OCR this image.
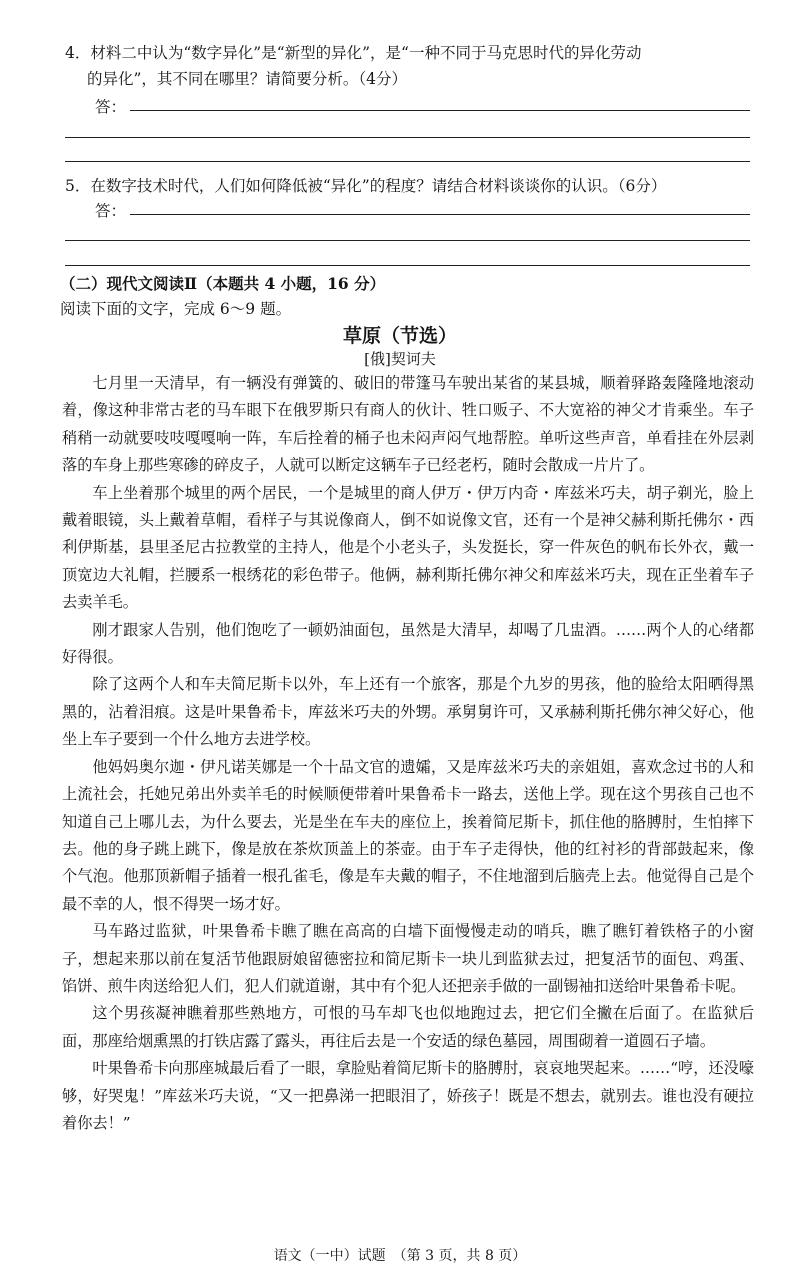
4．材料二中认为“数字异化”是“新型的异化”，是“一种不同于马克思时代的异化劳动
的异化”，其不同在哪里？请简要分析。（4分）
答：
5．在数字技术时代，人们如何降低被“异化”的程度？请结合材料谈谈你的认识。（6分）
答：
（二）现代文阅读Ⅱ（本题共 4 小题，16 分）
阅读下面的文字，完成 6～9 题。
草原（节选）
[俄]契诃夫

七月里一天清早，有一辆没有弹簧的、破旧的带篷马车驶出某省的某县城，顺着驿路轰隆隆地滚动着，像这种非常古老的马车眼下在俄罗斯只有商人的伙计、牲口贩子、不大宽裕的神父才肯乘坐。车子稍稍一动就要吱吱嘎嘎响一阵，车后拴着的桶子也未闷声闷气地帮腔。单听这些声音，单看挂在外层剥落的车身上那些寒碜的碎皮子，人就可以断定这辆车子已经老朽，随时会散成一片片了。

车上坐着那个城里的两个居民，一个是城里的商人伊万・伊万内奇・库兹米巧夫，胡子剃光，脸上戴着眼镜，头上戴着草帽，看样子与其说像商人，倒不如说像文官，还有一个是神父赫利斯托佛尔・西利伊斯基，县里圣尼古拉教堂的主持人，他是个小老头子，头发挺长，穿一件灰色的帆布长外衣，戴一顶宽边大礼帽，拦腰系一根绣花的彩色带子。他俩，赫利斯托佛尔神父和库兹米巧夫，现在正坐着车子去卖羊毛。

刚才跟家人告别，他们饱吃了一顿奶油面包，虽然是大清早，却喝了几盅酒。……两个人的心绪都好得很。

除了这两个人和车夫简尼斯卡以外，车上还有一个旅客，那是个九岁的男孩，他的脸给太阳晒得黑黑的，沾着泪痕。这是叶果鲁希卡，库兹米巧夫的外甥。承舅舅许可，又承赫利斯托佛尔神父好心，他坐上车子要到一个什么地方去进学校。

他妈妈奥尔迦・伊凡诺芙娜是一个十品文官的遗孀，又是库兹米巧夫的亲姐姐，喜欢念过书的人和上流社会，托她兄弟出外卖羊毛的时候顺便带着叶果鲁希卡一路去，送他上学。现在这个男孩自己也不知道自己上哪儿去，为什么要去，光是坐在车夫的座位上，挨着简尼斯卡，抓住他的胳膊肘，生怕摔下去。他的身子跳上跳下，像是放在茶炊顶盖上的茶壶。由于车子走得快，他的红衬衫的背部鼓起来，像个气泡。他那顶新帽子插着一根孔雀毛，像是车夫戴的帽子，不住地溜到后脑壳上去。他觉得自己是个最不幸的人，恨不得哭一场才好。

马车路过监狱，叶果鲁希卡瞧了瞧在高高的白墙下面慢慢走动的哨兵，瞧了瞧钉着铁格子的小窗子，想起来那以前在复活节他跟厨娘留德密拉和简尼斯卡一块儿到监狱去过，把复活节的面包、鸡蛋、馅饼、煎牛肉送给犯人们，犯人们就道谢，其中有个犯人还把亲手做的一副锡袖扣送给叶果鲁希卡呢。

这个男孩凝神瞧着那些熟地方，可恨的马车却飞也似地跑过去，把它们全撇在后面了。在监狱后面，那座给烟熏黑的打铁店露了露头，再往后去是一个安适的绿色墓园，周围砌着一道圆石子墙。

叶果鲁希卡向那座城最后看了一眼，拿脸贴着简尼斯卡的胳膊肘，哀哀地哭起来。……“哼，还没嚎够，好哭鬼！”库兹米巧夫说，“又一把鼻涕一把眼泪了，娇孩子！既是不想去，就别去。谁也没有硬拉着你去！”

语文（一中）试题　（第 3 页，共 8 页）
